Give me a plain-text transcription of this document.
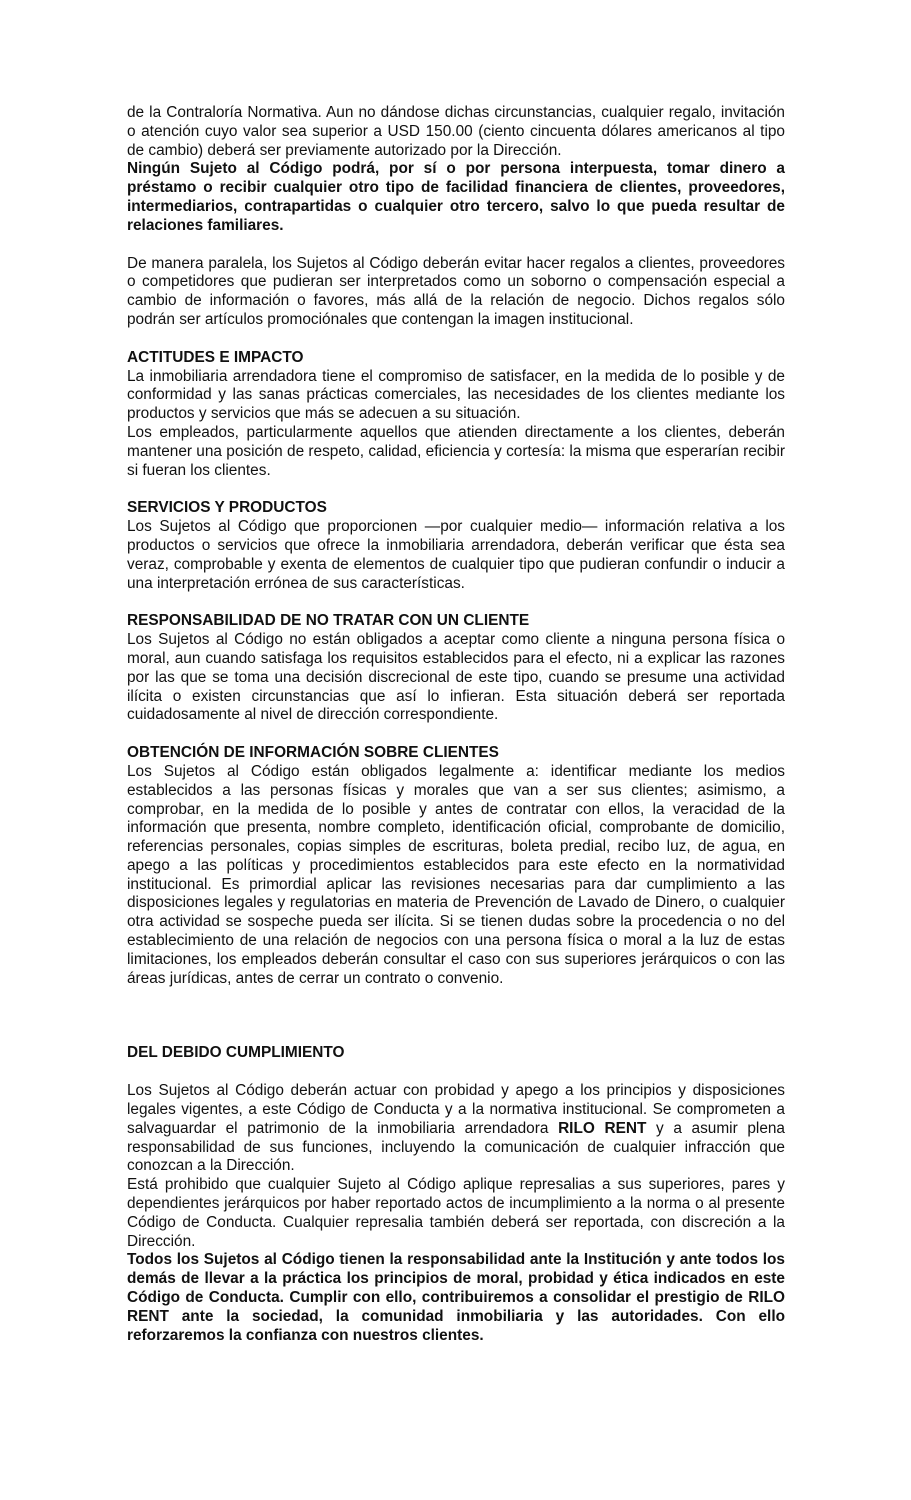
de la Contraloría Normativa. Aun no dándose dichas circunstancias, cualquier regalo, invitación o atención cuyo valor sea superior a USD 150.00 (ciento cincuenta dólares americanos al tipo de cambio) deberá ser previamente autorizado por la Dirección.

Ningún Sujeto al Código podrá, por sí o por persona interpuesta, tomar dinero a préstamo o recibir cualquier otro tipo de facilidad financiera de clientes, proveedores, intermediarios, contrapartidas o cualquier otro tercero, salvo lo que pueda resultar de relaciones familiares.

De manera paralela, los Sujetos al Código deberán evitar hacer regalos a clientes, proveedores o competidores que pudieran ser interpretados como un soborno o compensación especial a cambio de información o favores, más allá de la relación de negocio. Dichos regalos sólo podrán ser artículos promociónales que contengan la imagen institucional.

ACTITUDES E IMPACTO

La inmobiliaria arrendadora tiene el compromiso de satisfacer, en la medida de lo posible y de conformidad y las sanas prácticas comerciales, las necesidades de los clientes mediante los productos y servicios que más se adecuen a su situación.

Los empleados, particularmente aquellos que atienden directamente a los clientes, deberán mantener una posición de respeto, calidad, eficiencia y cortesía: la misma que esperarían recibir si fueran los clientes.

SERVICIOS Y PRODUCTOS

Los Sujetos al Código que proporcionen —por cualquier medio— información relativa a los productos o servicios que ofrece la inmobiliaria arrendadora, deberán verificar que ésta sea veraz, comprobable y exenta de elementos de cualquier tipo que pudieran confundir o inducir a una interpretación errónea de sus características.

RESPONSABILIDAD DE NO TRATAR CON UN CLIENTE

Los Sujetos al Código no están obligados a aceptar como cliente a ninguna persona física o moral, aun cuando satisfaga los requisitos establecidos para el efecto, ni a explicar las razones por las que se toma una decisión discrecional de este tipo, cuando se presume una actividad ilícita o existen circunstancias que así lo infieran. Esta situación deberá ser reportada cuidadosamente al nivel de dirección correspondiente.

OBTENCIÓN DE INFORMACIÓN SOBRE CLIENTES

Los Sujetos al Código están obligados legalmente a: identificar mediante los medios establecidos a las personas físicas y morales que van a ser sus clientes; asimismo, a comprobar, en la medida de lo posible y antes de contratar con ellos, la veracidad de la información que presenta, nombre completo, identificación oficial, comprobante de domicilio, referencias personales, copias simples de escrituras, boleta predial, recibo luz, de agua, en apego a las políticas y procedimientos establecidos para este efecto en la normatividad institucional. Es primordial aplicar las revisiones necesarias para dar cumplimiento a las disposiciones legales y regulatorias en materia de Prevención de Lavado de Dinero, o cualquier otra actividad se sospeche pueda ser ilícita. Si se tienen dudas sobre la procedencia o no del establecimiento de una relación de negocios con una persona física o moral a la luz de estas limitaciones, los empleados deberán consultar el caso con sus superiores jerárquicos o con las áreas jurídicas, antes de cerrar un contrato o convenio.

DEL DEBIDO CUMPLIMIENTO

Los Sujetos al Código deberán actuar con probidad y apego a los principios y disposiciones legales vigentes, a este Código de Conducta y a la normativa institucional. Se comprometen a salvaguardar el patrimonio de la inmobiliaria arrendadora RILO RENT y a asumir plena responsabilidad de sus funciones, incluyendo la comunicación de cualquier infracción que conozcan a la Dirección.

Está prohibido que cualquier Sujeto al Código aplique represalias a sus superiores, pares y dependientes jerárquicos por haber reportado actos de incumplimiento a la norma o al presente Código de Conducta. Cualquier represalia también deberá ser reportada, con discreción a la Dirección.

Todos los Sujetos al Código tienen la responsabilidad ante la Institución y ante todos los demás de llevar a la práctica los principios de moral, probidad y ética indicados en este Código de Conducta. Cumplir con ello, contribuiremos a consolidar el prestigio de RILO RENT ante la sociedad, la comunidad inmobiliaria y las autoridades. Con ello reforzaremos la confianza con nuestros clientes.
